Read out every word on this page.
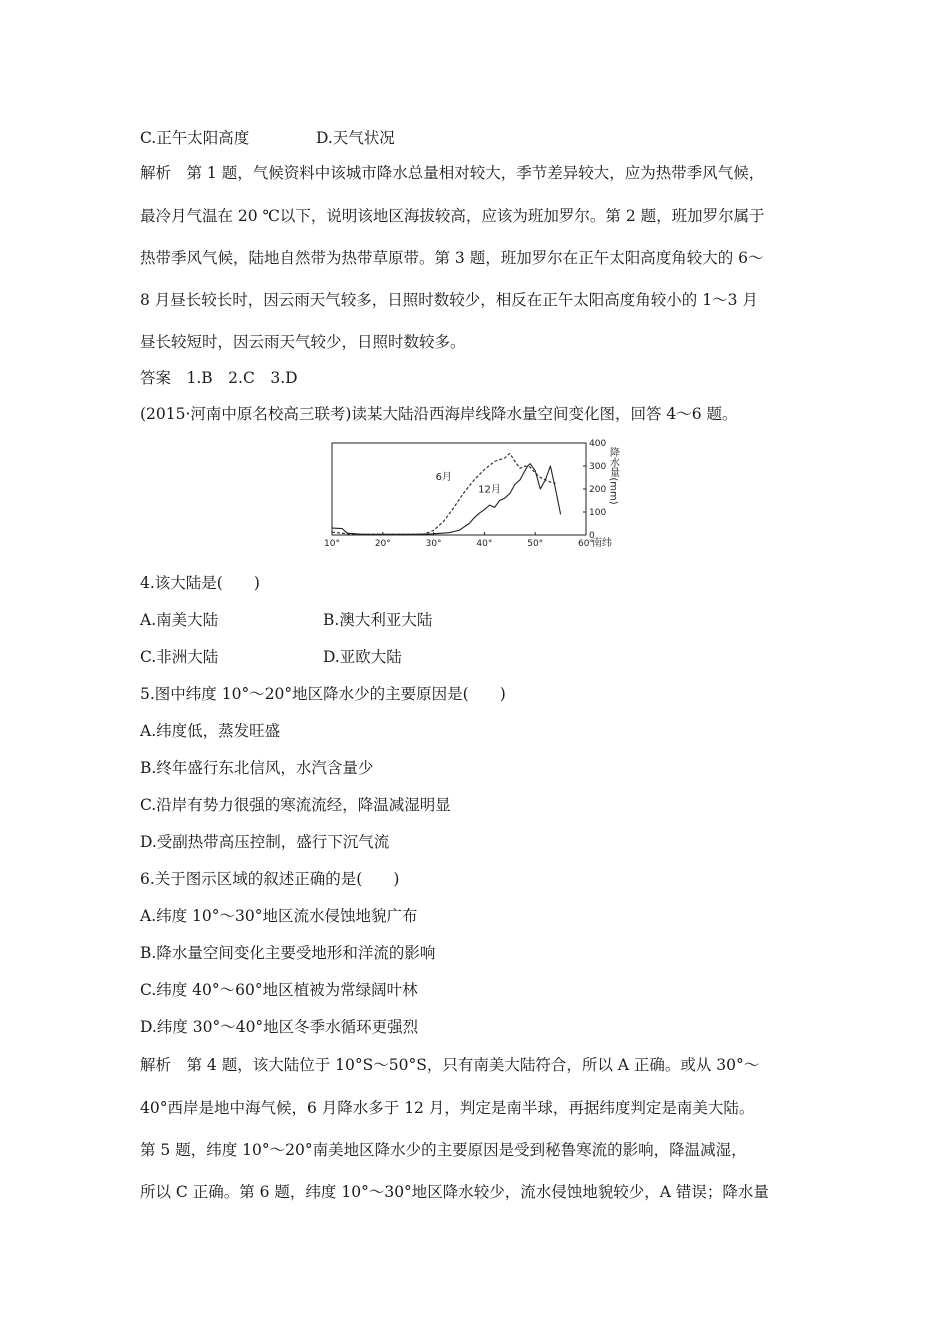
C.正午太阳高度	D.天气状况
解析　第 1 题，气候资料中该城市降水总量相对较大，季节差异较大，应为热带季风气候，
最冷月气温在 20 ℃以下，说明该地区海拔较高，应该为班加罗尔。第 2 题，班加罗尔属于
热带季风气候，陆地自然带为热带草原带。第 3 题，班加罗尔在正午太阳高度角较大的 6～
8 月昼长较长时，因云雨天气较多，日照时数较少，相反在正午太阳高度角较小的 1～3 月
昼长较短时，因云雨天气较少，日照时数较多。
答案　1.B　2.C　3.D
(2015·河南中原名校高三联考)读某大陆沿西海岸线降水量空间变化图，回答 4～6 题。
10°	20°	30°	40°	50°	60°
南纬
0
100
200
300
400
降水量(mm)
6月
12月
4.该大陆是(　　)
A.南美大陆	B.澳大利亚大陆
C.非洲大陆	D.亚欧大陆
5.图中纬度 10°～20°地区降水少的主要原因是(　　)
A.纬度低，蒸发旺盛
B.终年盛行东北信风，水汽含量少
C.沿岸有势力很强的寒流流经，降温减湿明显
D.受副热带高压控制，盛行下沉气流
6.关于图示区域的叙述正确的是(　　)
A.纬度 10°～30°地区流水侵蚀地貌广布
B.降水量空间变化主要受地形和洋流的影响
C.纬度 40°～60°地区植被为常绿阔叶林
D.纬度 30°～40°地区冬季水循环更强烈
解析　第 4 题，该大陆位于 10°S～50°S，只有南美大陆符合，所以 A 正确。或从 30°～
40°西岸是地中海气候，6 月降水多于 12 月，判定是南半球，再据纬度判定是南美大陆。
第 5 题，纬度 10°～20°南美地区降水少的主要原因是受到秘鲁寒流的影响，降温减湿，
所以 C 正确。第 6 题，纬度 10°～30°地区降水较少，流水侵蚀地貌较少，A 错误；降水量
